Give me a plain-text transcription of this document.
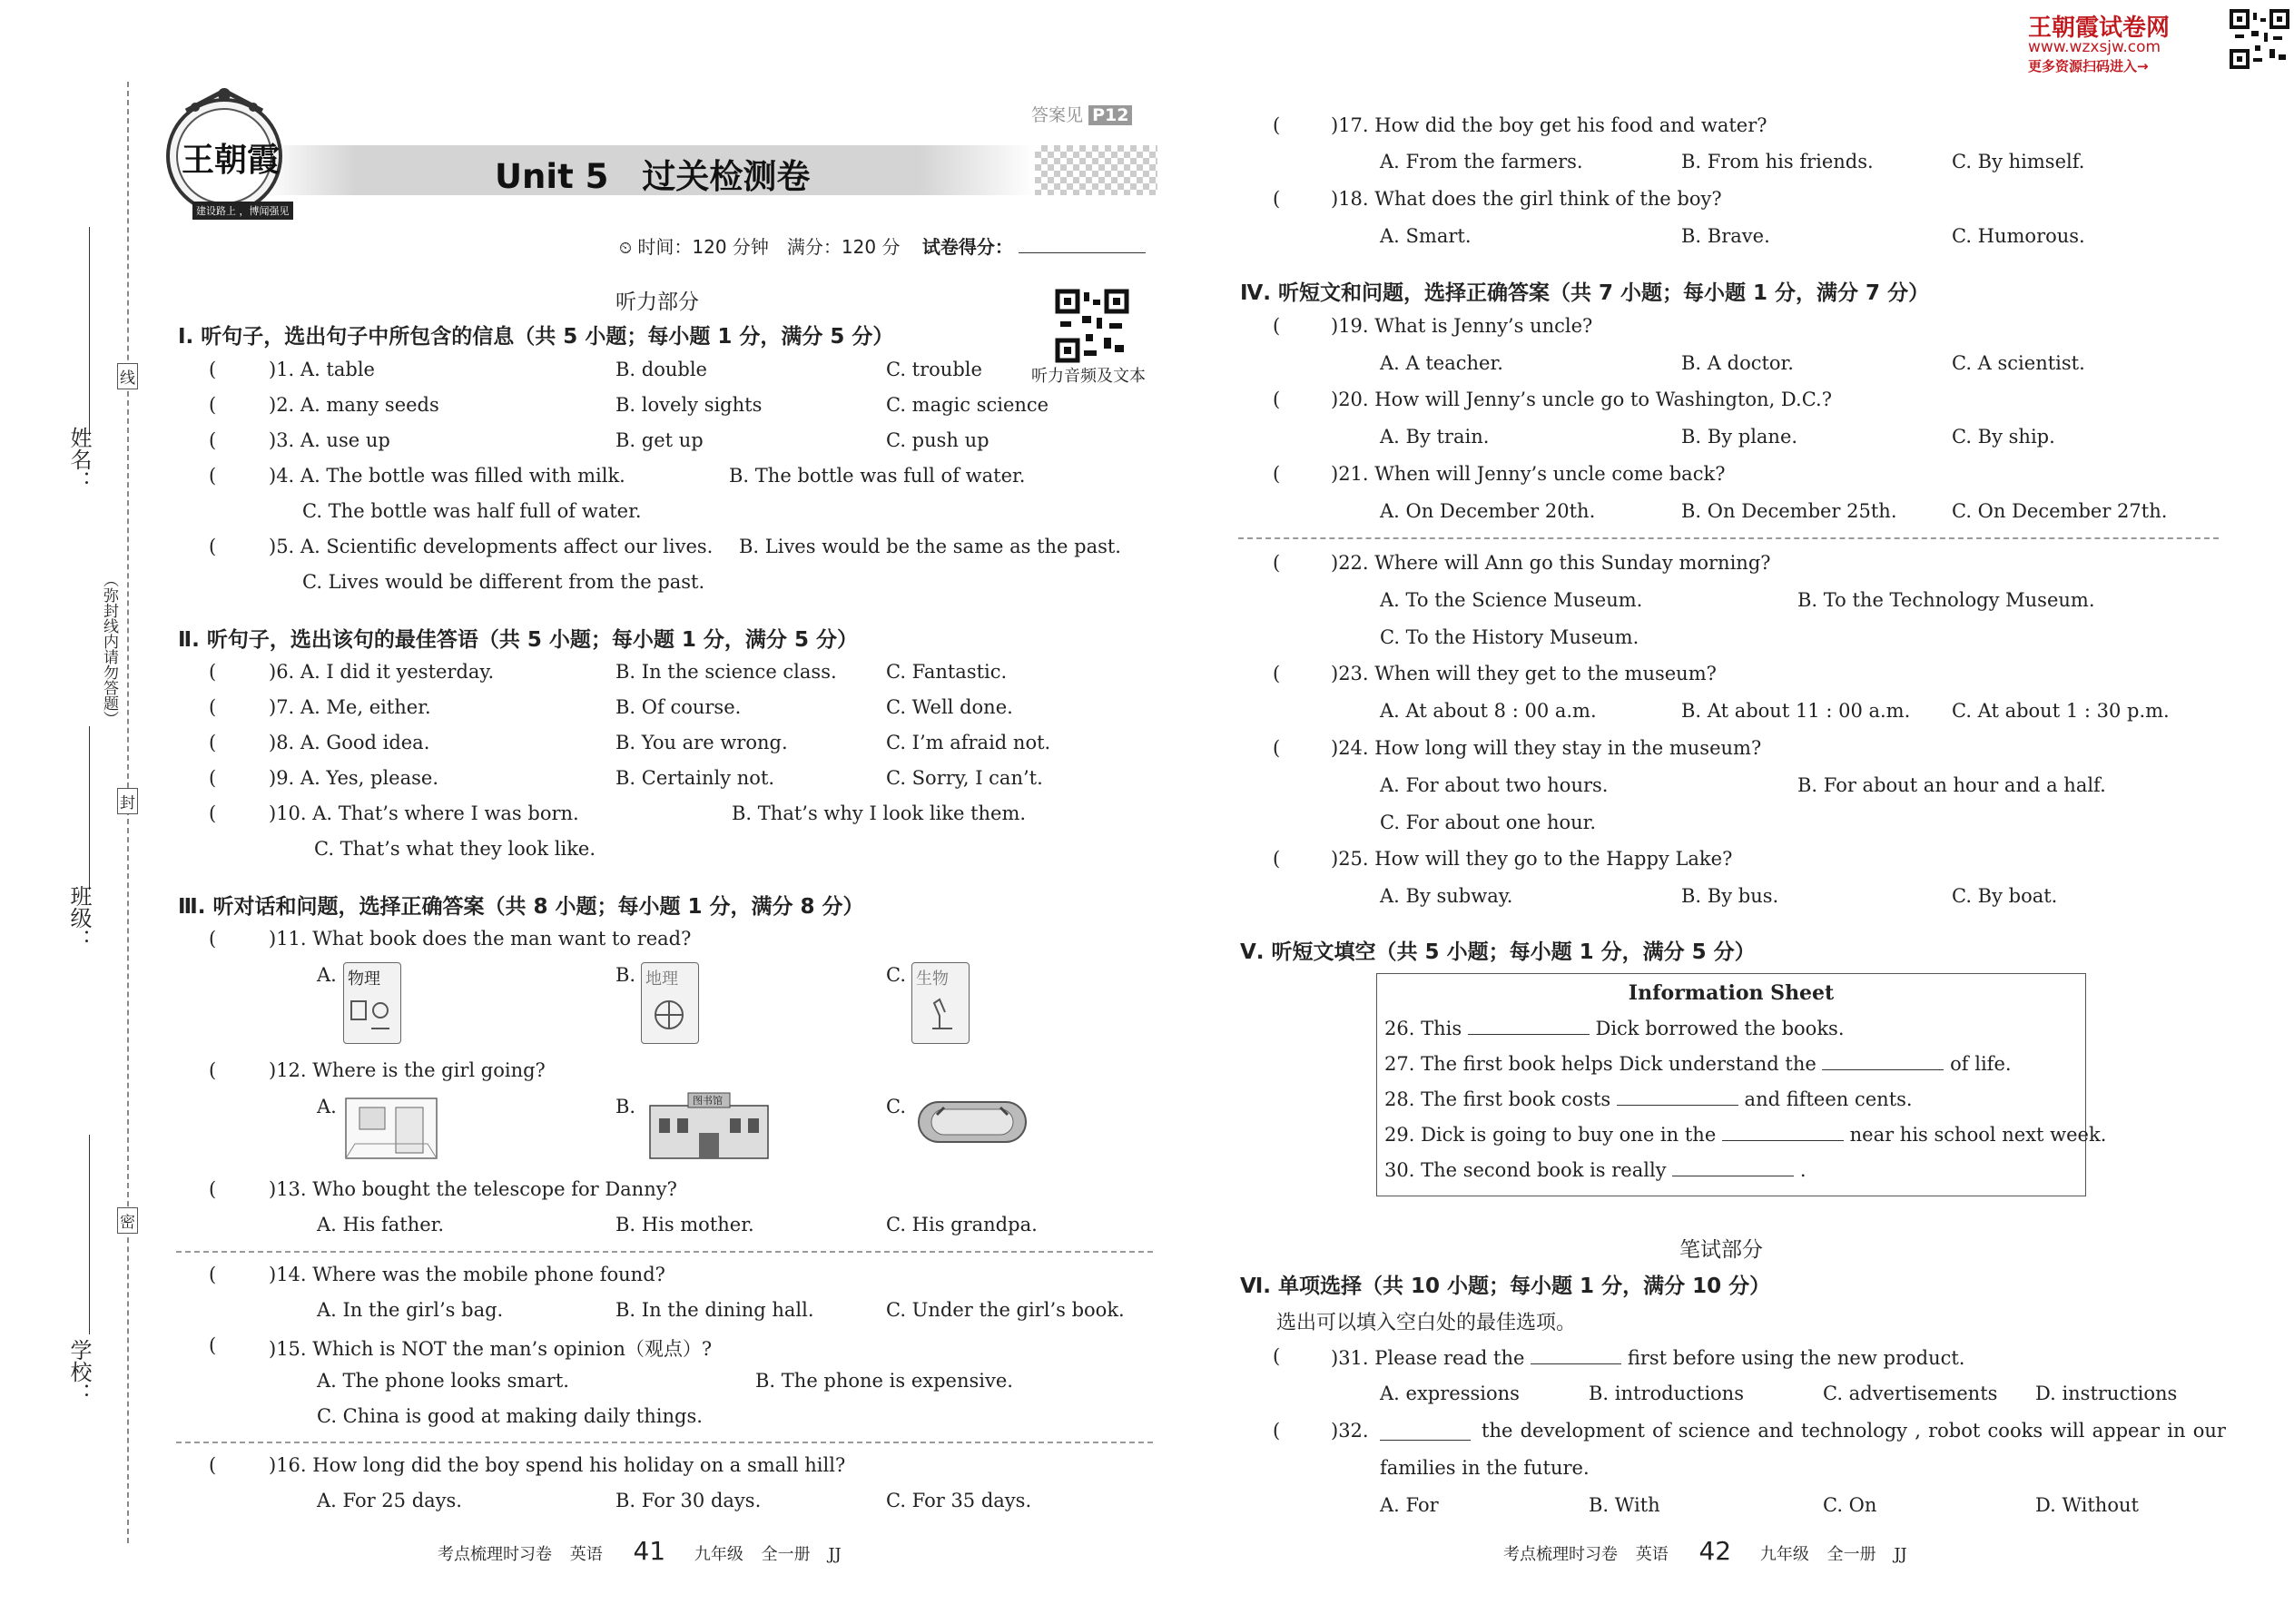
王朝霞试卷网
www.wzxsjw.com
更多资源扫码进入→
姓名：
班级：
学校：
（弥封线内请勿答题）
线
封
密
王朝霞
建设路上 ，博闻强见
答案见 P12
Unit 5　过关检测卷
⏲ 时间：120 分钟　满分：120 分 试卷得分：
听力音频及文本
听力部分
Ⅰ. 听句子，选出句子中所包含的信息（共 5 小题；每小题 1 分，满分 5 分）
(	)1. A. table	B. double	C. trouble
(	)2. A. many seeds	B. lovely sights	C. magic science
(	)3. A. use up	B. get up	C. push up
(	)4. A. The bottle was filled with milk.	B. The bottle was full of water.
C. The bottle was half full of water.
(	)5. A. Scientific developments affect our lives. B. Lives would be the same as the past.
C. Lives would be different from the past.
Ⅱ. 听句子，选出该句的最佳答语（共 5 小题；每小题 1 分，满分 5 分）
(	)6. A. I did it yesterday.	B. In the science class.	C. Fantastic.
(	)7. A. Me, either.	B. Of course.	C. Well done.
(	)8. A. Good idea.	B. You are wrong.	C. I’m afraid not.
(	)9. A. Yes, please.	B. Certainly not.	C. Sorry, I can’t.
(	)10. A. That’s where I was born.	B. That’s why I look like them.
C. That’s what they look like.
Ⅲ. 听对话和问题，选择正确答案（共 8 小题；每小题 1 分，满分 8 分）
(	)11. What book does the man want to read?
A.	B.	C.
物理	地理	生物
(	)12. Where is the girl going?
A.	B.	C.
图书馆
(	)13. Who bought the telescope for Danny?
A. His father.	B. His mother.	C. His grandpa.
(	)14. Where was the mobile phone found?
A. In the girl’s bag.	B. In the dining hall.	C. Under the girl’s book.
(	)15. Which is NOT the man’s opinion（观点）?
A. The phone looks smart.	B. The phone is expensive.
C. China is good at making daily things.
(	)16. How long did the boy spend his holiday on a small hill?
A. For 25 days.	B. For 30 days.	C. For 35 days.
考点梳理时习卷 英语 41 九年级 全一册 JJ
(	)17. How did the boy get his food and water?
A. From the farmers.	B. From his friends.	C. By himself.
(	)18. What does the girl think of the boy?
A. Smart.	B. Brave.	C. Humorous.
Ⅳ. 听短文和问题，选择正确答案（共 7 小题；每小题 1 分，满分 7 分）
(	)19. What is Jenny’s uncle?
A. A teacher.	B. A doctor.	C. A scientist.
(	)20. How will Jenny’s uncle go to Washington, D.C.?
A. By train.	B. By plane.	C. By ship.
(	)21. When will Jenny’s uncle come back?
A. On December 20th.	B. On December 25th.	C. On December 27th.
(	)22. Where will Ann go this Sunday morning?
A. To the Science Museum.	B. To the Technology Museum.
C. To the History Museum.
(	)23. When will they get to the museum?
A. At about 8 : 00 a.m.	B. At about 11 : 00 a.m. C. At about 1 : 30 p.m.
(	)24. How long will they stay in the museum?
A. For about two hours.	B. For about an hour and a half.
C. For about one hour.
(	)25. How will they go to the Happy Lake?
A. By subway.	B. By bus.	C. By boat.
Ⅴ. 听短文填空（共 5 小题；每小题 1 分，满分 5 分）
Information Sheet
26. This	Dick borrowed the books.
27. The first book helps Dick understand the	of life.
28. The first book costs	and fifteen cents.
29. Dick is going to buy one in the	near his school next week.
30. The second book is really	.
笔试部分
Ⅵ. 单项选择（共 10 小题；每小题 1 分，满分 10 分）
选出可以填入空白处的最佳选项。
(	)31. Please read the	first before using the new product.
A. expressions	B. introductions	C. advertisements D. instructions
(	)32.	the development of science and technology , robot cooks will appear in our
families in the future.
A. For	B. With	C. On	D. Without
考点梳理时习卷 英语 42 九年级 全一册 JJ
